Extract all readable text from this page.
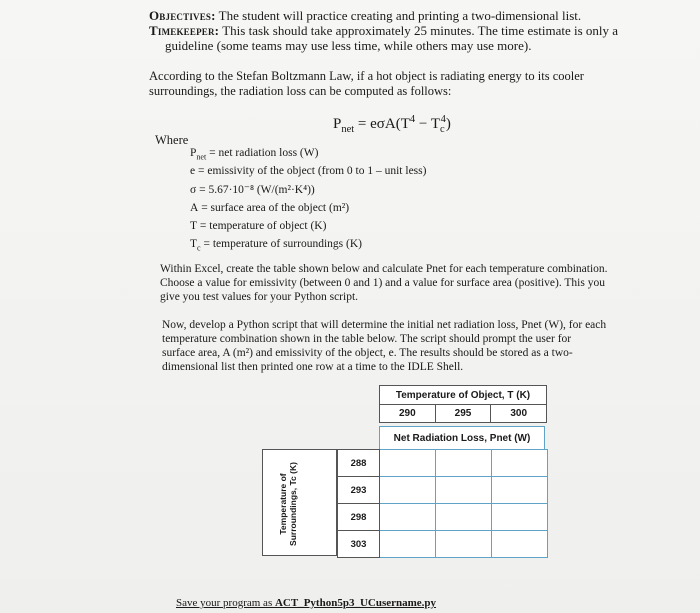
Objectives: The student will practice creating and printing a two-dimensional list.
Timekeeper: This task should take approximately 25 minutes. The time estimate is only a
guideline (some teams may use less time, while others may use more).
According to the Stefan Boltzmann Law, if a hot object is radiating energy to its cooler
surroundings, the radiation loss can be computed as follows:
$P_{net} = e\sigma A(T^4 - T_c^4)$
Where
$P_{net}$ = net radiation loss (W)
e = emissivity of the object (from 0 to 1 – unit less)
σ = 5.67·10⁻⁸ (W/(m²·K⁴))
A = surface area of the object (m²)
T = temperature of object (K)
$T_c$ = temperature of surroundings (K)
Within Excel, create the table shown below and calculate Pnet for each temperature combination.
Choose a value for emissivity (between 0 and 1) and a value for surface area (positive). This you
give you test values for your Python script.
Now, develop a Python script that will determine the initial net radiation loss, Pnet (W), for each
temperature combination shown in the table below. The script should prompt the user for
surface area, A (m²) and emissivity of the object, e. The results should be stored as a two-
dimensional list then printed one row at a time to the IDLE Shell.
Temperature of Object, T (K)
290	295	300
Net Radiation Loss, Pnet (W)
Temperature of Surroundings, Tc (K)	288			
293			
298			
303			
Save your program as ACT_Python5p3_UCusername.py
